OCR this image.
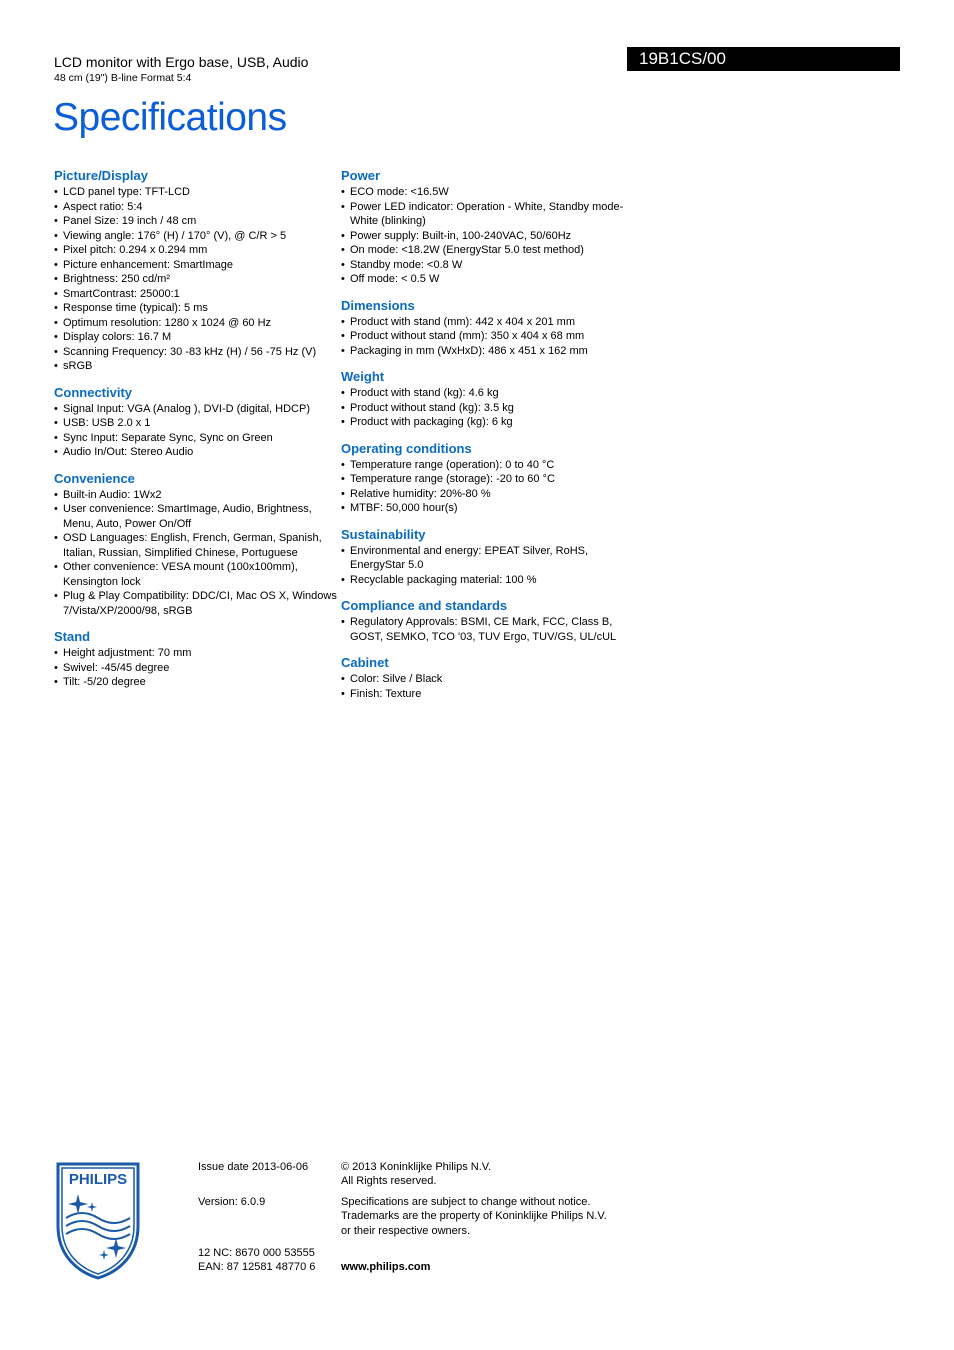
LCD monitor with Ergo base, USB, Audio
48 cm (19") B-line Format 5:4
Specifications
19B1CS/00
Picture/Display
• LCD panel type: TFT-LCD
• Aspect ratio: 5:4
• Panel Size: 19 inch / 48 cm
• Viewing angle: 176° (H) / 170° (V), @ C/R > 5
• Pixel pitch: 0.294 x 0.294 mm
• Picture enhancement: SmartImage
• Brightness: 250 cd/m²
• SmartContrast: 25000:1
• Response time (typical): 5 ms
• Optimum resolution: 1280 x 1024 @ 60 Hz
• Display colors: 16.7 M
• Scanning Frequency: 30 -83 kHz (H) / 56 -75 Hz (V)
• sRGB
Connectivity
• Signal Input: VGA (Analog ), DVI-D (digital, HDCP)
• USB: USB 2.0 x 1
• Sync Input: Separate Sync, Sync on Green
• Audio In/Out: Stereo Audio
Convenience
• Built-in Audio: 1Wx2
• User convenience: SmartImage, Audio, Brightness, Menu, Auto, Power On/Off
• OSD Languages: English, French, German, Spanish, Italian, Russian, Simplified Chinese, Portuguese
• Other convenience: VESA mount (100x100mm), Kensington lock
• Plug & Play Compatibility: DDC/CI, Mac OS X, Windows 7/Vista/XP/2000/98, sRGB
Stand
• Height adjustment: 70 mm
• Swivel: -45/45 degree
• Tilt: -5/20 degree
Power
• ECO mode: <16.5W
• Power LED indicator: Operation - White, Standby mode- White (blinking)
• Power supply: Built-in, 100-240VAC, 50/60Hz
• On mode: <18.2W (EnergyStar 5.0 test method)
• Standby mode: <0.8 W
• Off mode: < 0.5 W
Dimensions
• Product with stand (mm): 442 x 404 x 201 mm
• Product without stand (mm): 350 x 404 x 68 mm
• Packaging in mm (WxHxD): 486 x 451 x 162 mm
Weight
• Product with stand (kg): 4.6 kg
• Product without stand (kg): 3.5 kg
• Product with packaging (kg): 6 kg
Operating conditions
• Temperature range (operation): 0 to 40 °C
• Temperature range (storage): -20 to 60 °C
• Relative humidity: 20%-80 %
• MTBF: 50,000 hour(s)
Sustainability
• Environmental and energy: EPEAT Silver, RoHS, EnergyStar 5.0
• Recyclable packaging material: 100 %
Compliance and standards
• Regulatory Approvals: BSMI, CE Mark, FCC, Class B, GOST, SEMKO, TCO '03, TUV Ergo, TUV/GS, UL/cUL
Cabinet
• Color: Silve / Black
• Finish: Texture
PHILIPS
Issue date 2013-06-06
Version: 6.0.9
12 NC: 8670 000 53555
EAN: 87 12581 48770 6
© 2013 Koninklijke Philips N.V.
All Rights reserved.
Specifications are subject to change without notice.
Trademarks are the property of Koninklijke Philips N.V.
or their respective owners.
www.philips.com
